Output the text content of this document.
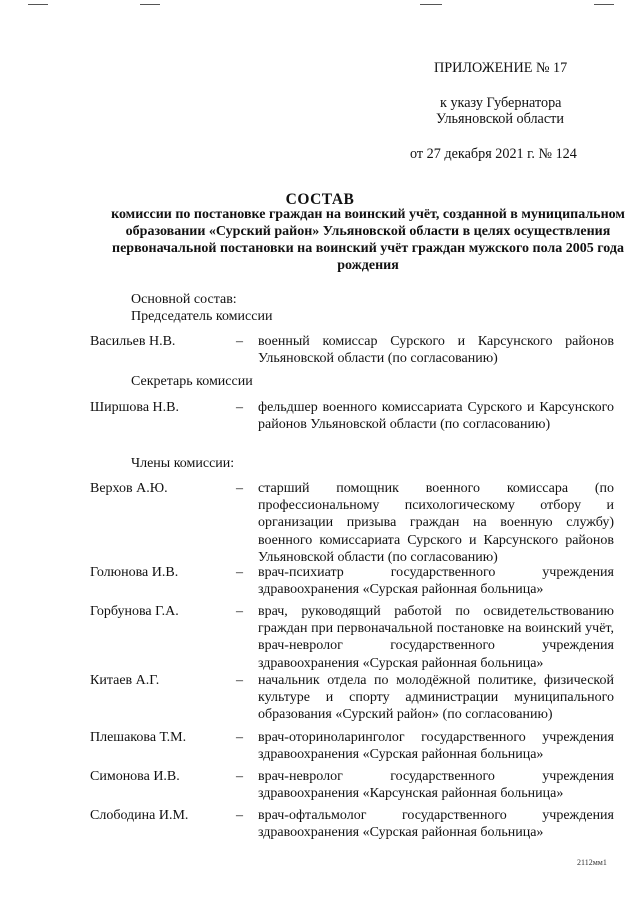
ПРИЛОЖЕНИЕ № 17
к указу Губернатора
Ульяновской области
от 27 декабря 2021 г. № 124
СОСТАВ
комиссии по постановке граждан на воинский учёт, созданной в муниципальном образовании «Сурский район» Ульяновской области в целях осуществления первоначальной постановки на воинский учёт граждан мужского пола 2005 года рождения
Основной состав:
Председатель комиссии
Васильев Н.В.	– военный комиссар Сурского и Карсунского районов Ульяновской области (по согласованию)
Секретарь комиссии
Ширшова Н.В.	– фельдшер военного комиссариата Сурского и Карсунского районов Ульяновской области (по согласованию)
Члены комиссии:
Верхов А.Ю.	– старший помощник военного комиссара (по профессиональному психологическому отбору и организации призыва граждан на военную службу) военного комиссариата Сурского и Карсунского районов Ульяновской области (по согласованию)
Голюнова И.В.	– врач-психиатр государственного учреждения здравоохранения «Сурская районная больница»
Горбунова Г.А.	– врач, руководящий работой по освидетельствованию граждан при первоначальной постановке на воинский учёт, врач-невролог государственного учреждения здравоохранения «Сурская районная больница»
Китаев А.Г.	– начальник отдела по молодёжной политике, физической культуре и спорту администрации муниципального образования «Сурский район» (по согласованию)
Плешакова Т.М.	– врач-оториноларинголог государственного учреждения здравоохранения «Сурская районная больница»
Симонова И.В.	– врач-невролог государственного учреждения здравоохранения «Карсунская районная больница»
Слободина И.М.	– врач-офтальмолог государственного учреждения здравоохранения «Сурская районная больница»
2112мм1
